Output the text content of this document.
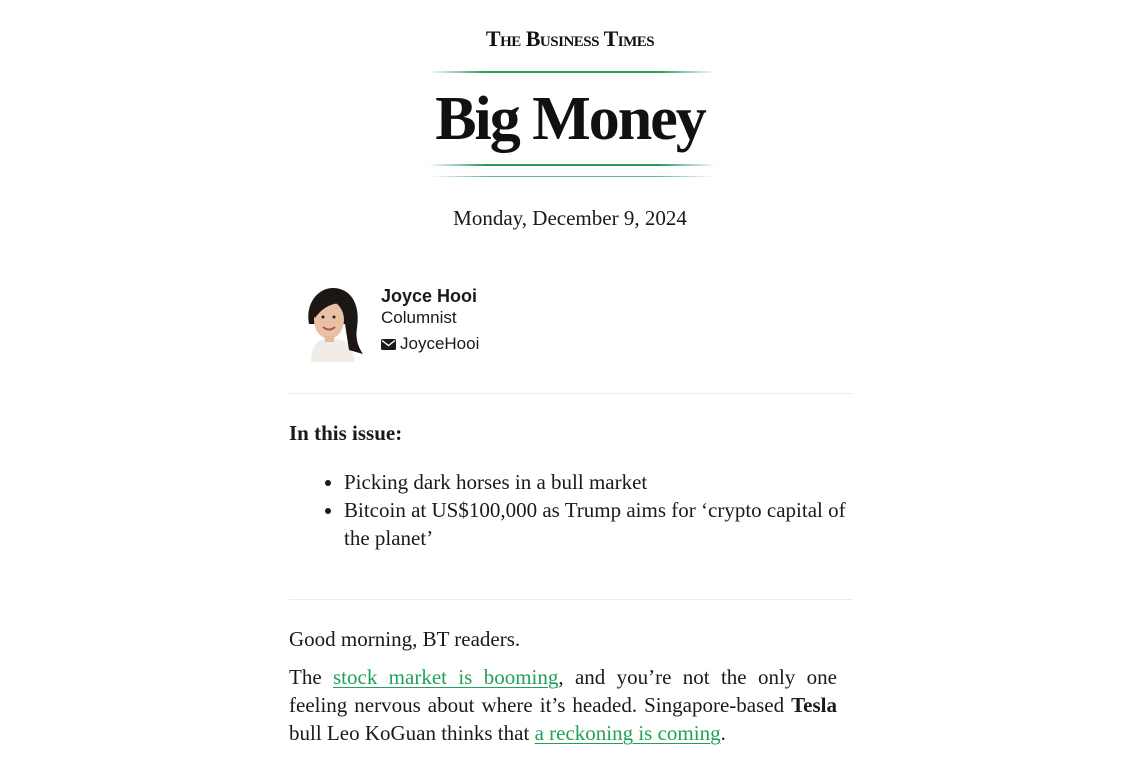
The Business Times
Big Money
Monday, December 9, 2024
Joyce Hooi
Columnist
JoyceHooi
In this issue:
• Picking dark horses in a bull market
• Bitcoin at US$100,000 as Trump aims for ‘crypto capital of the planet’

Good morning, BT readers.

The stock market is booming, and you’re not the only one feeling nervous about where it’s headed. Singapore-based Tesla bull Leo KoGuan thinks that a reckoning is coming.
